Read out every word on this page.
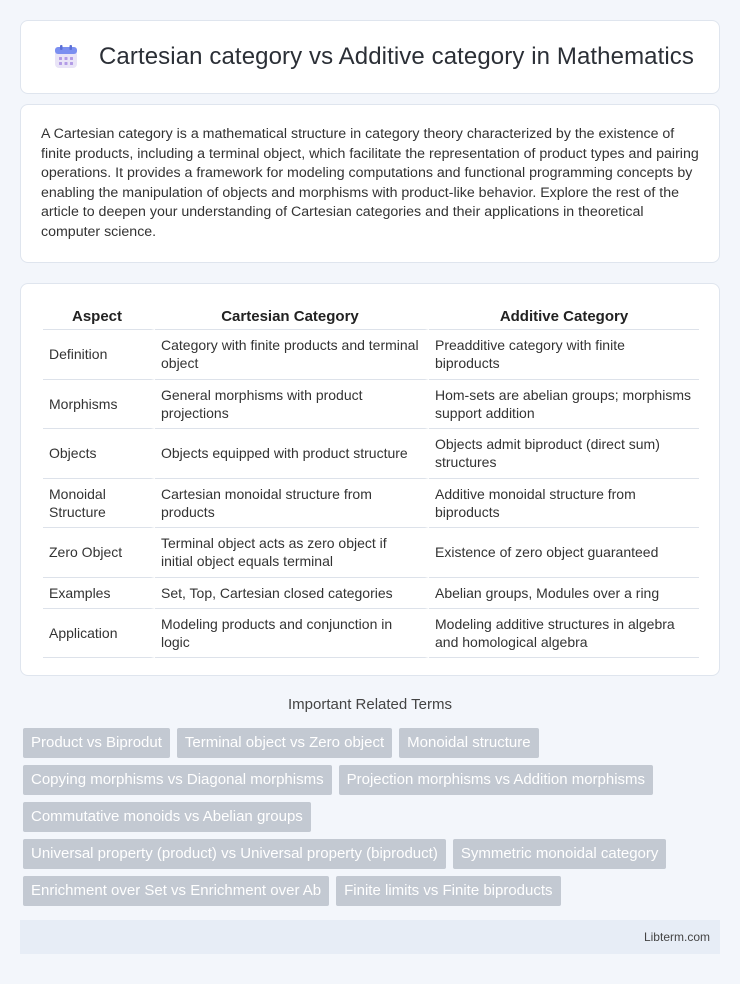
Cartesian category vs Additive category in Mathematics

A Cartesian category is a mathematical structure in category theory characterized by the existence of finite products, including a terminal object, which facilitate the representation of product types and pairing operations. It provides a framework for modeling computations and functional programming concepts by enabling the manipulation of objects and morphisms with product-like behavior. Explore the rest of the article to deepen your understanding of Cartesian categories and their applications in theoretical computer science.

Aspect	Cartesian Category	Additive Category
Definition	Category with finite products and terminal object	Preadditive category with finite biproducts
Morphisms	General morphisms with product projections	Hom-sets are abelian groups; morphisms support addition
Objects	Objects equipped with product structure	Objects admit biproduct (direct sum) structures
Monoidal Structure	Cartesian monoidal structure from products	Additive monoidal structure from biproducts
Zero Object	Terminal object acts as zero object if initial object equals terminal	Existence of zero object guaranteed
Examples	Set, Top, Cartesian closed categories	Abelian groups, Modules over a ring
Application	Modeling products and conjunction in logic	Modeling additive structures in algebra and homological algebra
Important Related Terms
Product vs Biprodut	Terminal object vs Zero object	Monoidal structure
Copying morphisms vs Diagonal morphisms	Projection morphisms vs Addition morphisms
Commutative monoids vs Abelian groups
Universal property (product) vs Universal property (biproduct)	Symmetric monoidal category
Enrichment over Set vs Enrichment over Ab	Finite limits vs Finite biproducts
Libterm.com
